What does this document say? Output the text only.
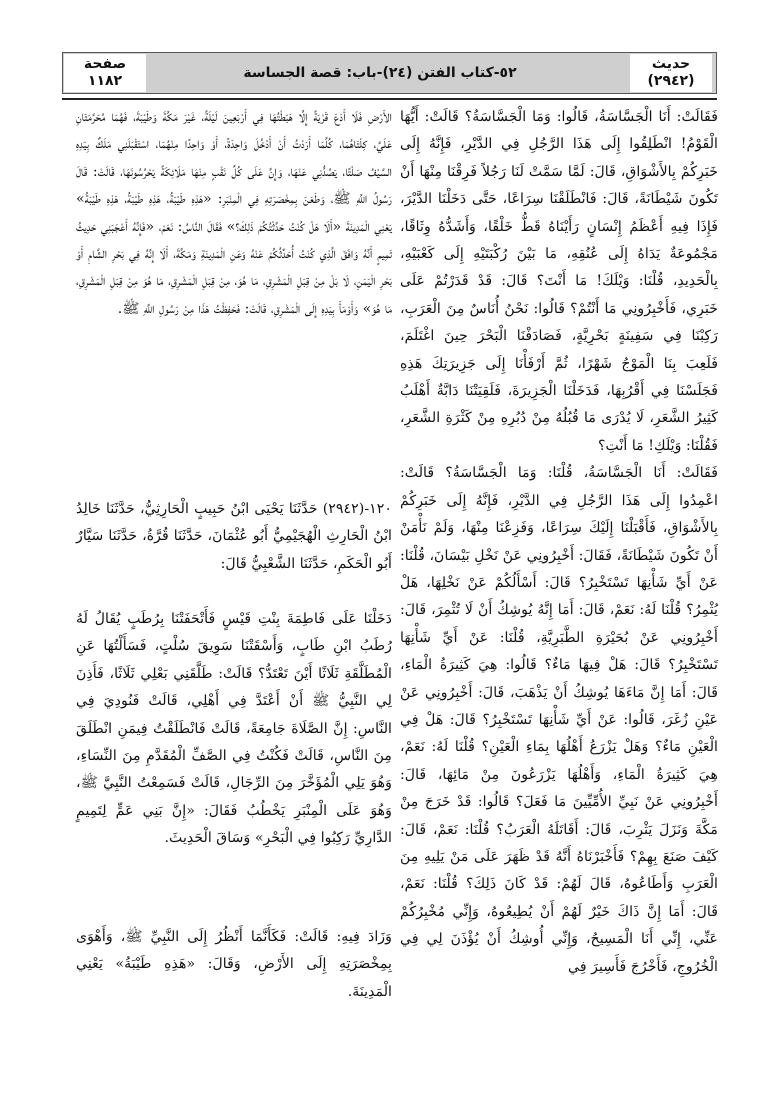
حديث
(٢٩٤٢)
صفحة
١١٨٢	٥٢-كتاب الفتن (٢٤)-باب: قصة الجساسة

فَقَالَتْ: أَنَا الْجَسَّاسَةُ، قَالُوا: وَمَا الْجَسَّاسَةُ؟ قَالَتْ: أَيُّهَا الْقَوْمُ! انْطَلِقُوا إِلَى هَذَا الرَّجُلِ فِي الدَّيْرِ، فَإِنَّهُ إِلَى خَبَرِكُمْ بِالأَشْوَاقِ، قَالَ: لَمَّا سَمَّتْ لَنَا رَجُلاً فَرِقْنَا مِنْهَا أَنْ تَكُونَ شَيْطَانَةً، قَالَ: فَانْطَلَقْنَا سِرَاعًا، حَتَّى دَخَلْنَا الدَّيْرَ، فَإِذَا فِيهِ أَعْظَمُ إِنْسَانٍ رَأَيْنَاهُ قَطُّ خَلْقًا، وَأَشَدُّهُ وِثَاقًا، مَجْمُوعَةٌ يَدَاهُ إِلَى عُنُقِهِ، مَا بَيْنَ رُكْبَتَيْهِ إِلَى كَعْبَيْهِ، بِالْحَدِيدِ، قُلْنَا: وَيْلَكَ! مَا أَنْتَ؟ قَالَ: قَدْ قَدَرْتُمْ عَلَى خَبَرِي، فَأَخْبِرُونِي مَا أَنْتُمْ؟ قَالُوا: نَحْنُ أُنَاسٌ مِنَ الْعَرَبِ، رَكِبْنَا فِي سَفِينَةٍ بَحْرِيَّةٍ، فَصَادَفْنَا الْبَحْرَ حِينَ اغْتَلَمَ، فَلَعِبَ بِنَا الْمَوْجُ شَهْرًا، ثُمَّ أَرْفَأْنَا إِلَى جَزِيرَتِكَ هَذِهِ فَجَلَسْنَا فِي أَقْرُبِهَا، فَدَخَلْنَا الْجَزِيرَةَ، فَلَقِيَتْنَا دَابَّةٌ أَهْلَبُ كَثِيرُ الشَّعَرِ، لَا يُدْرَى مَا قُبُلُهُ مِنْ دُبُرِهِ مِنْ كَثْرَةِ الشَّعَرِ، فَقُلْنَا: وَيْلَكِ! مَا أَنْتِ؟

فَقَالَتْ: أَنَا الْجَسَّاسَةُ، قُلْنَا: وَمَا الْجَسَّاسَةُ؟ قَالَتْ: اعْمِدُوا إِلَى هَذَا الرَّجُلِ فِي الدَّيْرِ، فَإِنَّهُ إِلَى خَبَرِكُمْ بِالأَشْوَاقِ، فَأَقْبَلْنَا إِلَيْكَ سِرَاعًا، وَفَزِعْنَا مِنْهَا، وَلَمْ نَأْمَنْ أَنْ تَكُونَ شَيْطَانَةً، فَقَالَ: أَخْبِرُونِي عَنْ نَخْلِ بَيْسَانَ، قُلْنَا: عَنْ أَيِّ شَأْنِهَا تَسْتَخْبِرُ؟ قَالَ: أَسْأَلُكُمْ عَنْ نَخْلِهَا، هَلْ يُثْمِرُ؟ قُلْنَا لَهُ: نَعَمْ، قَالَ: أَمَا إِنَّهُ يُوشِكُ أَنْ لَا تُثْمِرَ، قَالَ: أَخْبِرُونِي عَنْ بُحَيْرَةِ الطَّبَرِيَّةِ، قُلْنَا: عَنْ أَيِّ شَأْنِهَا تَسْتَخْبِرُ؟ قَالَ: هَلْ فِيهَا مَاءٌ؟ قَالُوا: هِيَ كَثِيرَةُ الْمَاءِ، قَالَ: أَمَا إِنَّ مَاءَهَا يُوشِكُ أَنْ يَذْهَبَ، قَالَ: أَخْبِرُونِي عَنْ عَيْنِ زُغَرَ، قَالُوا: عَنْ أَيِّ شَأْنِهَا تَسْتَخْبِرُ؟ قَالَ: هَلْ فِي الْعَيْنِ مَاءٌ؟ وَهَلْ يَزْرَعُ أَهْلُهَا بِمَاءِ الْعَيْنِ؟ قُلْنَا لَهُ: نَعَمْ، هِيَ كَثِيرَةُ الْمَاءِ، وَأَهْلُهَا يَزْرَعُونَ مِنْ مَائِهَا، قَالَ: أَخْبِرُونِي عَنْ نَبِيِّ الأُمِّيِّينَ مَا فَعَلَ؟ قَالُوا: قَدْ خَرَجَ مِنْ مَكَّةَ وَنَزَلَ يَثْرِبَ، قَالَ: أَقَاتَلَهُ الْعَرَبُ؟ قُلْنَا: نَعَمْ، قَالَ: كَيْفَ صَنَعَ بِهِمْ؟ فَأَخْبَرْنَاهُ أَنَّهُ قَدْ ظَهَرَ عَلَى مَنْ يَلِيهِ مِنَ الْعَرَبِ وَأَطَاعُوهُ، قَالَ لَهُمْ: قَدْ كَانَ ذَلِكَ؟ قُلْنَا: نَعَمْ، قَالَ: أَمَا إِنَّ ذَاكَ خَيْرٌ لَهُمْ أَنْ يُطِيعُوهُ، وَإِنِّي مُخْبِرُكُمْ عَنِّي، إِنِّي أَنَا الْمَسِيحُ، وَإِنِّي أُوشِكُ أَنْ يُؤْذَنَ لِي فِي الْخُرُوجِ، فَأَخْرُجَ فَأَسِيرَ فِي

الأَرْضِ فَلَا أَدَعَ قَرْيَةً إِلَّا هَبَطْتُهَا فِي أَرْبَعِينَ لَيْلَةً، غَيْرَ مَكَّةَ وَطَيْبَةَ، فَهُمَا مُحَرَّمَتَانِ عَلَيَّ، كِلْتَاهُمَا، كُلَّمَا أَرَدْتُ أَنْ أَدْخُلَ وَاحِدَةً، أَوْ وَاحِدًا مِنْهُمَا، اسْتَقْبَلَنِي مَلَكٌ بِيَدِهِ السَّيْفُ صَلْتًا، يَصُدُّنِي عَنْهَا، وَإِنَّ عَلَى كُلِّ نَقْبٍ مِنْهَا مَلَائِكَةً يَحْرُسُونَهَا، قَالَتْ: قَالَ رَسُولُ اللَّهِ ﷺ، وَطَعَنَ بِمِخْصَرَتِهِ فِي الْمِنْبَرِ: «هَذِهِ طَيْبَةُ، هَذِهِ طَيْبَةُ، هَذِهِ طَيْبَةُ» يَعْنِي الْمَدِينَةَ «أَلَا هَلْ كُنْتُ حَدَّثْتُكُمْ ذَلِكَ؟» فَقَالَ النَّاسُ: نَعَمْ، «فَإِنَّهُ أَعْجَبَنِي حَدِيثُ تَمِيمٍ أَنَّهُ وَافَقَ الَّذِي كُنْتُ أُحَدِّثُكُمْ عَنْهُ وَعَنِ الْمَدِينَةِ وَمَكَّةَ، أَلَا إِنَّهُ فِي بَحْرِ الشَّامِ أَوْ بَحْرِ الْيَمَنِ، لَا بَلْ مِنْ قِبَلِ الْمَشْرِقِ، مَا هُوَ، مِنْ قِبَلِ الْمَشْرِقِ، مَا هُوَ مِنْ قِبَلِ الْمَشْرِقِ، مَا هُوَ» وَأَوْمَأَ بِيَدِهِ إِلَى الْمَشْرِقِ، قَالَتْ: فَحَفِظْتُ هَذَا مِنْ رَسُولِ اللَّهِ ﷺ.

١٢٠-(٢٩٤٢) حَدَّثَنَا يَحْيَى ابْنُ حَبِيبٍ الْحَارِثِيُّ، حَدَّثَنَا خَالِدُ ابْنُ الْحَارِثِ الْهُجَيْمِيُّ أَبُو عُثْمَانَ، حَدَّثَنَا قُرَّةُ، حَدَّثَنَا سَيَّارٌ أَبُو الْحَكَمِ، حَدَّثَنَا الشَّعْبِيُّ قَالَ:

دَخَلْنَا عَلَى فَاطِمَةَ بِنْتِ قَيْسٍ فَأَتْحَفَتْنَا بِرُطَبٍ يُقَالُ لَهُ رُطَبُ ابْنِ طَابٍ، وَأَسْقَتْنَا سَوِيقَ سُلْتٍ، فَسَأَلْتُهَا عَنِ الْمُطَلَّقَةِ ثَلَاثًا أَيْنَ تَعْتَدُّ؟ قَالَتْ: طَلَّقَنِي بَعْلِي ثَلَاثًا، فَأَذِنَ لِي النَّبِيُّ ﷺ أَنْ أَعْتَدَّ فِي أَهْلِي، قَالَتْ فَنُودِيَ فِي النَّاسِ: إِنَّ الصَّلَاةَ جَامِعَةً، قَالَتْ فَانْطَلَقْتُ فِيمَنِ انْطَلَقَ مِنَ النَّاسِ، قَالَتْ فَكُنْتُ فِي الصَّفِّ الْمُقَدَّمِ مِنَ النِّسَاءِ، وَهُوَ يَلِي الْمُؤَخَّرَ مِنَ الرِّجَالِ، قَالَتْ فَسَمِعْتُ النَّبِيَّ ﷺ، وَهُوَ عَلَى الْمِنْبَرِ يَخْطُبُ فَقَالَ: «إِنَّ بَنِي عَمٍّ لِتَمِيمٍ الدَّارِيِّ رَكِبُوا فِي الْبَحْرِ» وَسَاقَ الْحَدِيثَ.

وَزَادَ فِيهِ: قَالَتْ: فَكَأَنَّمَا أَنْظُرُ إِلَى النَّبِيِّ ﷺ، وَأَهْوَى بِمِخْصَرَتِهِ إِلَى الأَرْضِ، وَقَالَ: «هَذِهِ طَيْبَةُ» يَعْنِي الْمَدِينَةَ.
